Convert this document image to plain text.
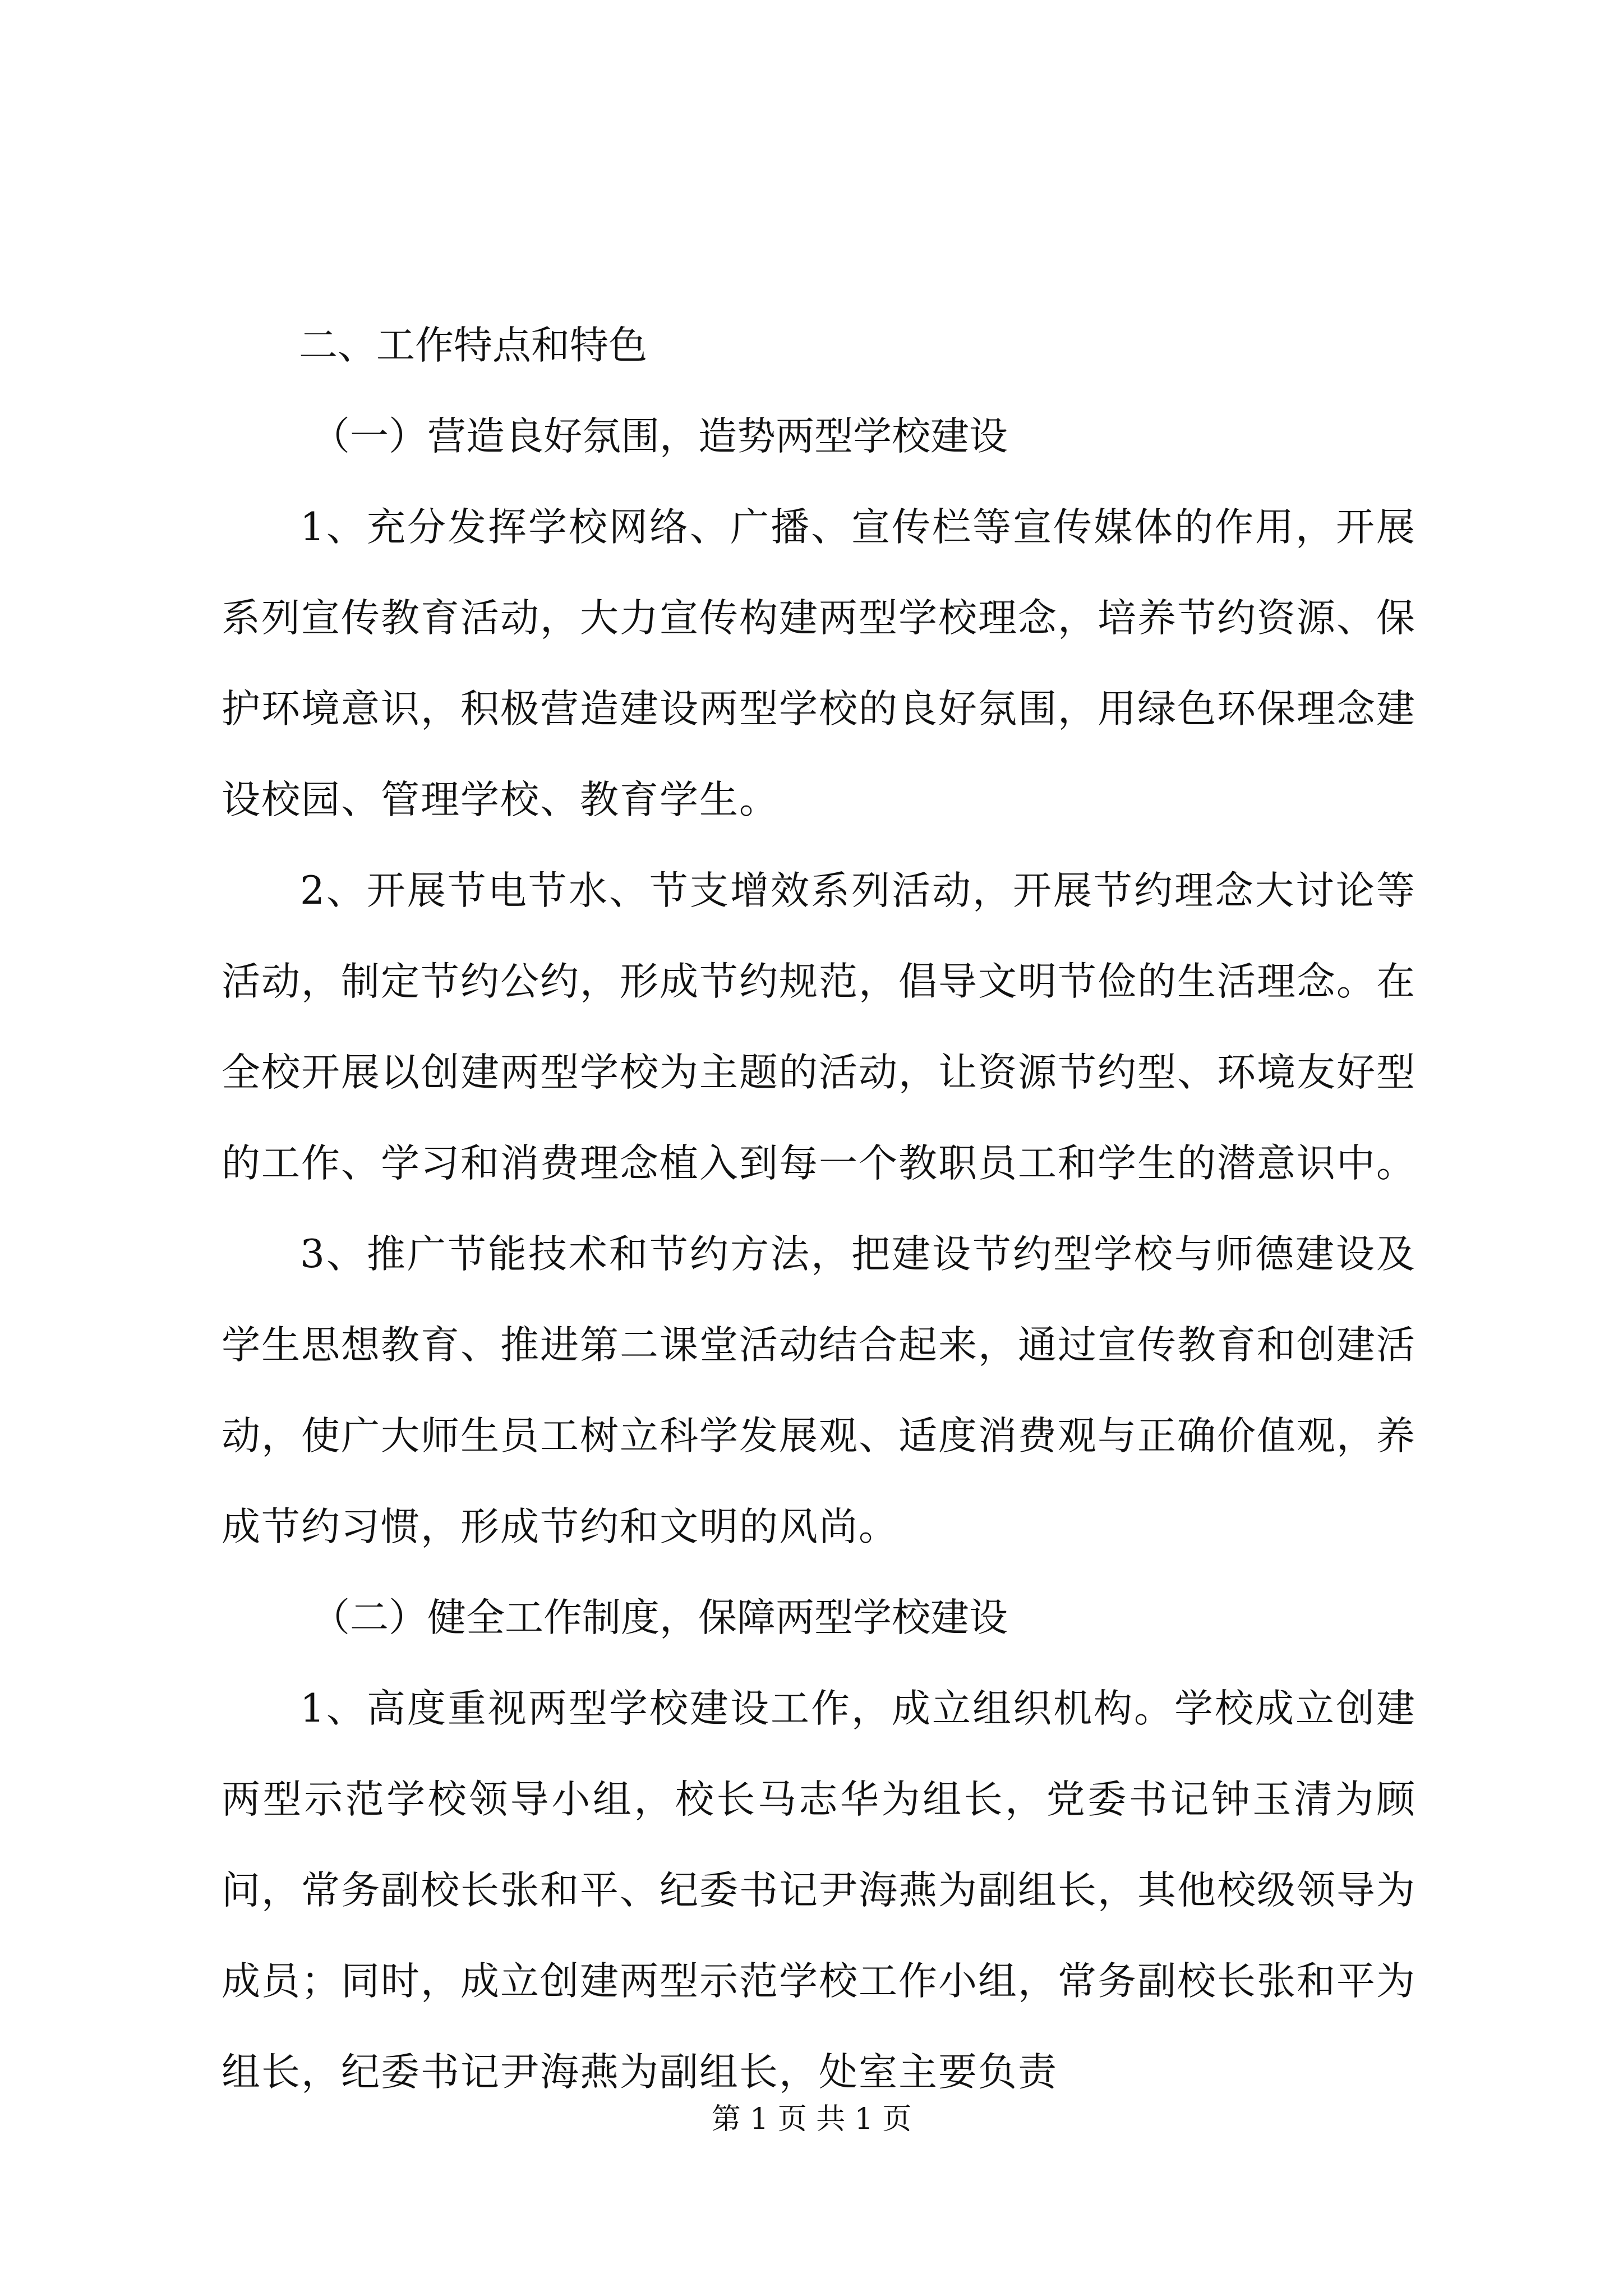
二、工作特点和特色

（一）营造良好氛围，造势两型学校建设

1、充分发挥学校网络、广播、宣传栏等宣传媒体的作用，开展系列宣传教育活动，大力宣传构建两型学校理念，培养节约资源、保护环境意识，积极营造建设两型学校的良好氛围，用绿色环保理念建设校园、管理学校、教育学生。

2、开展节电节水、节支增效系列活动，开展节约理念大讨论等活动，制定节约公约，形成节约规范，倡导文明节俭的生活理念。在全校开展以创建两型学校为主题的活动，让资源节约型、环境友好型的工作、学习和消费理念植入到每一个教职员工和学生的潜意识中。

3、推广节能技术和节约方法，把建设节约型学校与师德建设及学生思想教育、推进第二课堂活动结合起来，通过宣传教育和创建活动，使广大师生员工树立科学发展观、适度消费观与正确价值观，养成节约习惯，形成节约和文明的风尚。

（二）健全工作制度，保障两型学校建设

1、高度重视两型学校建设工作，成立组织机构。学校成立创建两型示范学校领导小组，校长马志华为组长，党委书记钟玉清为顾问，常务副校长张和平、纪委书记尹海燕为副组长，其他校级领导为成员；同时，成立创建两型示范学校工作小组，常务副校长张和平为组长，纪委书记尹海燕为副组长，处室主要负责

第 1 页 共 1 页
